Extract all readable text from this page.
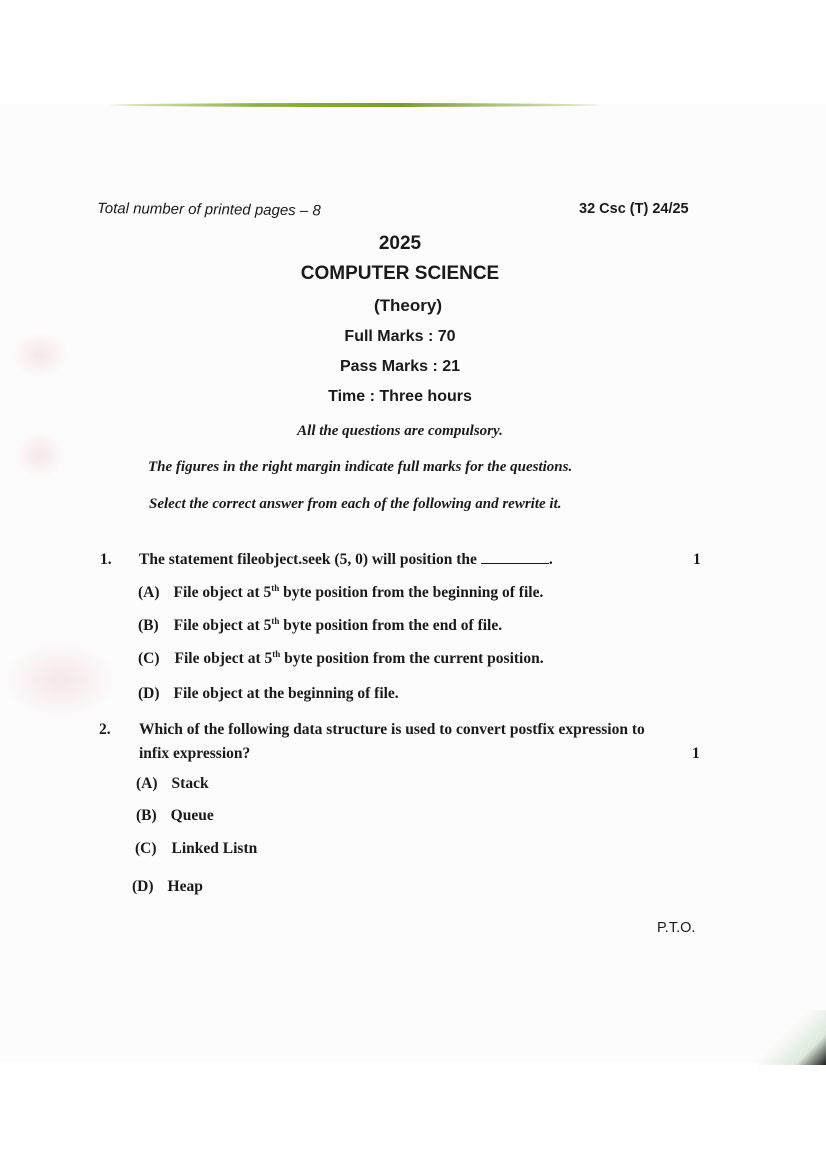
Total number of printed pages – 8	32 Csc (T) 24/25
2025
COMPUTER SCIENCE
(Theory)
Full Marks : 70
Pass Marks : 21
Time : Three hours
All the questions are compulsory.
The figures in the right margin indicate full marks for the questions.
Select the correct answer from each of the following and rewrite it.
1. The statement fileobject.seek (5, 0) will position the	.	1
(A) File object at 5th byte position from the beginning of file.
(B) File object at 5th byte position from the end of file.
(C) File object at 5th byte position from the current position.
(D) File object at the beginning of file.
2. Which of the following data structure is used to convert postfix expression to
infix expression?	1
(A) Stack
(B) Queue
(C) Linked Listn
(D) Heap
P.T.O.
